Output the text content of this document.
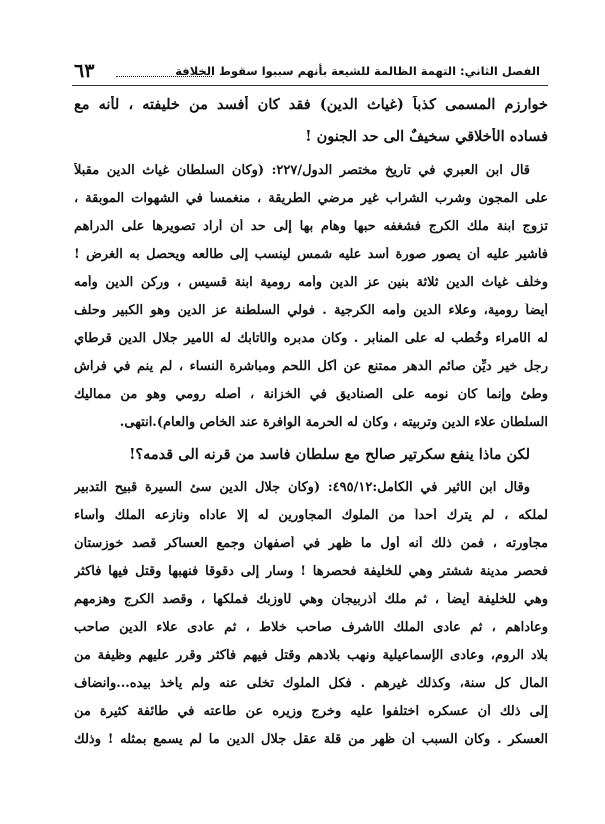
الفصل الثاني: التهمة الظالمة للشيعة بأنهم سببوا سقوط الخلافة
٦٣
خوارزم المسمى كذباً (غياث الدين) فقد كان أفسد من خليفته ، لأنه مع
فساده الأخلاقي سخيفٌ الى حد الجنون !
قال ابن العبري في تاريخ مختصر الدول/٢٢٧: (وكان السلطان غياث الدين مقبلاً
على المجون وشرب الشراب غير مرضي الطريقة ، منغمساً في الشهوات الموبقة ،
تزوج ابنة ملك الكرج فشغفه حبها وهام بها إلى حد أن أراد تصويرها على الدراهم
فأشير عليه أن يصور صورة أسد عليه شمس لينسب إلى طالعه ويحصل به الغرض !
وخلَّف غياث الدين ثلاثة بنين عز الدين وأمه رومية ابنة قسيس ، وركن الدين وأمه
أيضاً رومية، وعلاء الدين وأمه الكرجية . فولي السلطنة عز الدين وهو الكبير وحلف
له الأمراء وخُطب له على المنابر . وكان مدبره والأتابك له الأمير جلال الدين قرطاي
رجل خير ديِّن صائم الدهر ممتنع عن أكل اللحم ومباشرة النساء ، لم ينم في فراش
وطئ وإنما كان نومه على الصناديق في الخزانة ، أصله رومي وهو من مماليك
السلطان علاء الدين وتربيته ، وكان له الحرمة الوافرة عند الخاص والعام).انتهى.
لكن ماذا ينفع سكرتير صالح مع سلطان فاسد من قرنه الى قدمه؟!
وقال ابن الأثير في الكامل:٤٩٥/١٢: (وكان جلال الدين سئ السيرة قبيح التدبير
لملكه ، لم يترك أحداً من الملوك المجاورين له إلا عاداه ونازعه الملك وأساء
مجاورته ، فمن ذلك أنه أول ما ظهر في أصفهان وجمع العساكر قصد خوزستان
فحصر مدينة ششتر وهي للخليفة فحصرها ! وسار إلى دقوقا فنهبها وقتل فيها فأكثر
وهي للخليفة أيضاً ، ثم ملك أذربيجان وهي لأوزبك فملكها ، وقصد الكرج وهزمهم
وعاداهم ، ثم عادى الملك الأشرف صاحب خلاط ، ثم عادى علاء الدين صاحب
بلاد الروم، وعادى الإسماعيلية ونهب بلادهم وقتل فيهم فأكثر وقرر عليهم وظيفة من
المال كل سنة، وكذلك غيرهم . فكل الملوك تخلى عنه ولم يأخذ بيده...وانضاف
إلى ذلك أن عسكره اختلفوا عليه وخرج وزيره عن طاعته في طائفة كثيرة من
العسكر . وكان السبب أن ظهر من قلة عقل جلال الدين ما لم يسمع بمثله ! وذلك
